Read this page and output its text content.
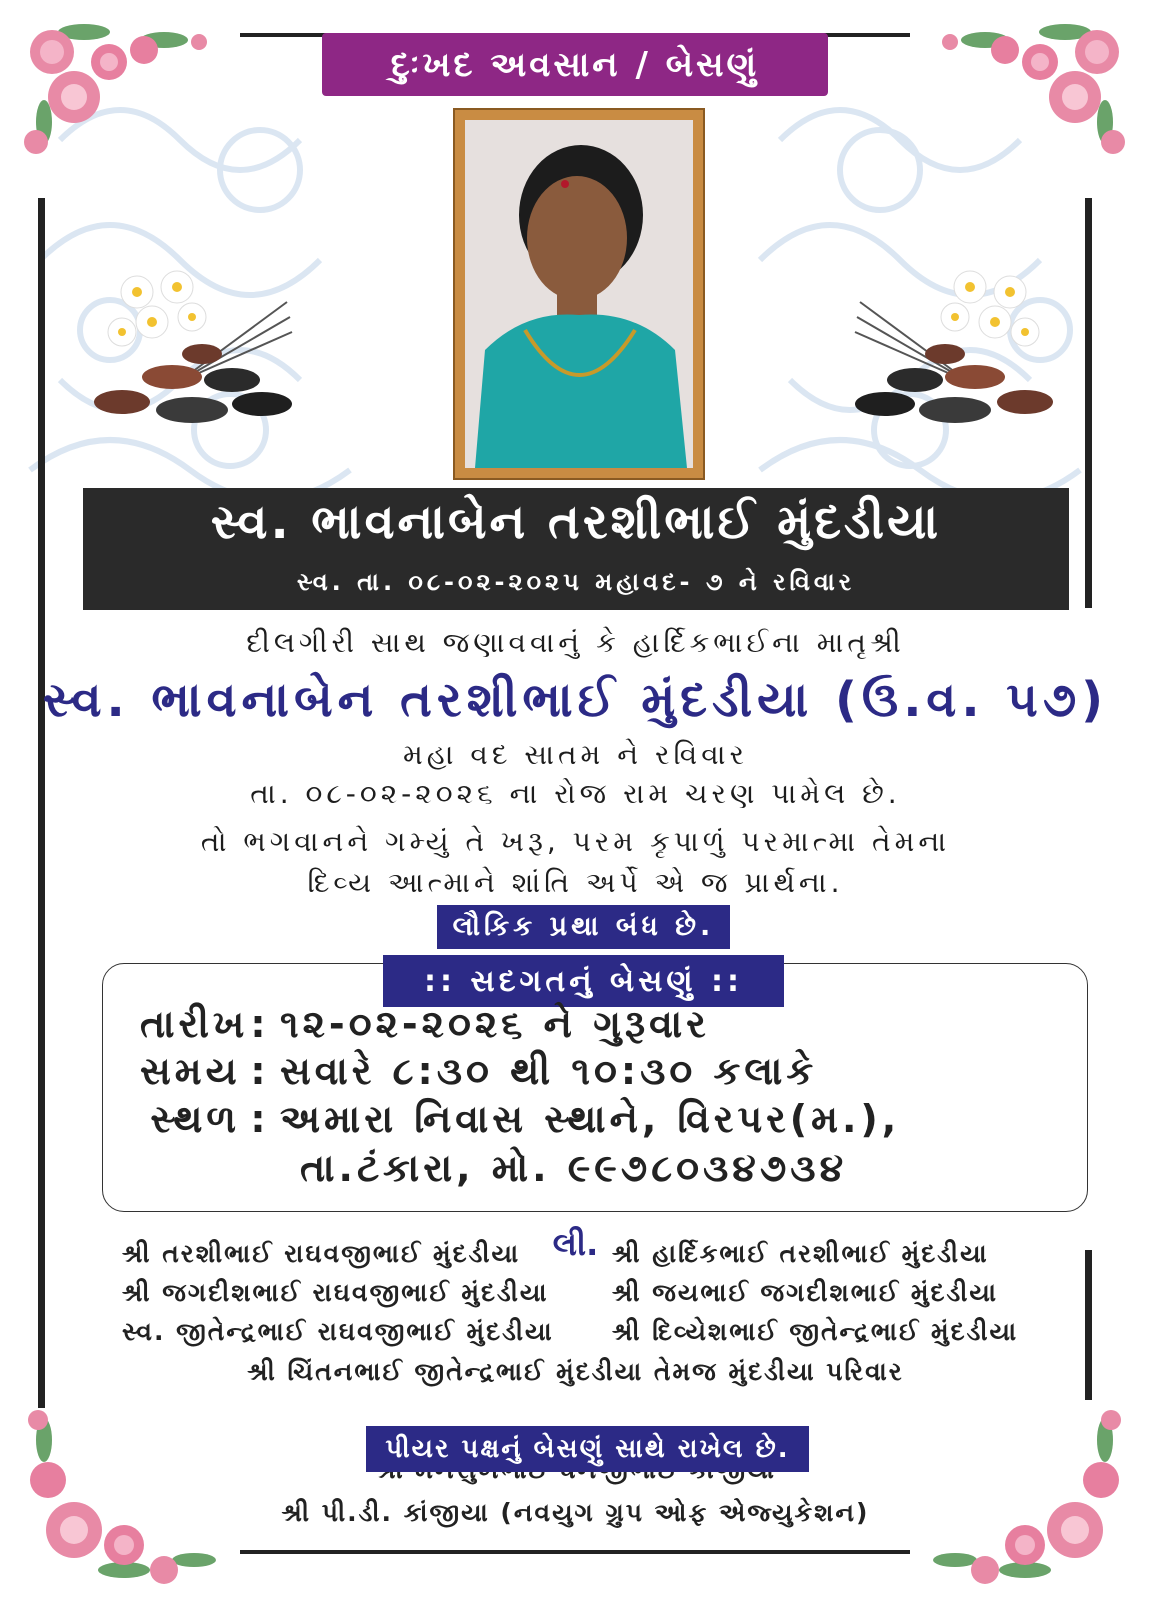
દુઃખદ અવસાન / બેસણું
સ્વ. ભાવનાબેન તરશીભાઈ મુંદડીયા
સ્વ. તા. ૦૮-૦૨-૨૦૨૫ મહાવદ- ૭ ને રવિવાર
દીલગીરી સાથ જણાવવાનું કે હાર્દિકભાઈના માતૃશ્રી
સ્વ. ભાવનાબેન તરશીભાઈ મુંદડીયા (ઉ.વ. ૫૭)
મહા વદ સાતમ ને રવિવાર
તા. ૦૮-૦૨-૨૦૨૬ ના રોજ રામ ચરણ પામેલ છે.
તો ભગવાનને ગમ્યું તે ખરૂ, પરમ કૃપાળું પરમાત્મા તેમના
દિવ્ય આત્માને શાંતિ અર્પે એ જ પ્રાર્થના.
લૌકિક પ્રથા બંધ છે.
:: સદગતનું બેસણું ::
તારીખ: ૧૨-૦૨-૨૦૨૬ ને ગુરૂવાર
સમય : સવારે ૮:૩૦ થી ૧૦:૩૦ કલાકે
સ્થળ : અમારા નિવાસ સ્થાને, વિરપર(મ.),
તા.ટંકારા, મો. ૯૯૭૮૦૩૪૭૩૪
લી.
શ્રી તરશીભાઈ રાઘવજીભાઈ મુંદડીયા
શ્રી જગદીશભાઈ રાઘવજીભાઈ મુંદડીયા
સ્વ. જીતેન્દ્રભાઈ રાઘવજીભાઈ મુંદડીયા
શ્રી હાર્દિકભાઈ તરશીભાઈ મુંદડીયા
શ્રી જયભાઈ જગદીશભાઈ મુંદડીયા
શ્રી દિવ્યેશભાઈ જીતેન્દ્રભાઈ મુંદડીયા
શ્રી ચિંતનભાઈ જીતેન્દ્રભાઈ મુંદડીયા તેમજ મુંદડીયા પરિવાર
પીયર પક્ષનું બેસણું સાથે રાખેલ છે.
શ્રી પી.ડી. કાંજીયા (નવયુગ ગ્રુપ ઓફ એજ્યુકેશન)
